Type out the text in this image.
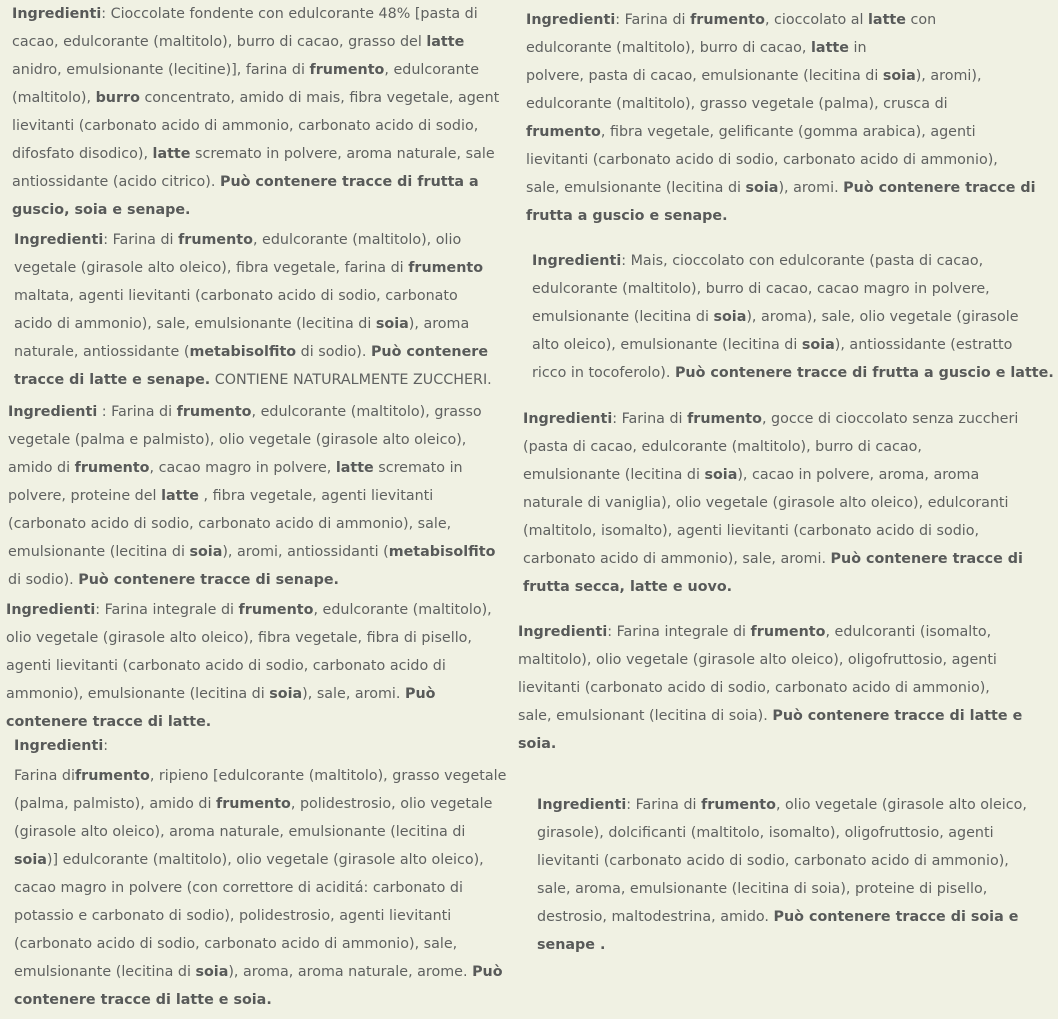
Ingredienti: Cioccolate fondente con edulcorante 48% [pasta di
cacao, edulcorante (maltitolo), burro di cacao, grasso del latte
anidro, emulsionante (lecitine)], farina di frumento, edulcorante
(maltitolo), burro concentrato, amido di mais, fibra vegetale, agent
lievitanti (carbonato acido di ammonio, carbonato acido di sodio,
difosfato disodico), latte scremato in polvere, aroma naturale, sale
antiossidante (acido citrico). Può contenere tracce di frutta a
guscio, soia e senape.
Ingredienti: Farina di frumento, edulcorante (maltitolo), olio
vegetale (girasole alto oleico), fibra vegetale, farina di frumento
maltata, agenti lievitanti (carbonato acido di sodio, carbonato
acido di ammonio), sale, emulsionante (lecitina di soia), aroma
naturale, antiossidante (metabisolfito di sodio). Può contenere
tracce di latte e senape. CONTIENE NATURALMENTE ZUCCHERI.
Ingredienti : Farina di frumento, edulcorante (maltitolo), grasso
vegetale (palma e palmisto), olio vegetale (girasole alto oleico),
amido di frumento, cacao magro in polvere, latte scremato in
polvere, proteine del latte , fibra vegetale, agenti lievitanti
(carbonato acido di sodio, carbonato acido di ammonio), sale,
emulsionante (lecitina di soia), aromi, antiossidanti (metabisolfito
di sodio). Può contenere tracce di senape.
Ingredienti: Farina integrale di frumento, edulcorante (maltitolo),
olio vegetale (girasole alto oleico), fibra vegetale, fibra di pisello,
agenti lievitanti (carbonato acido di sodio, carbonato acido di
ammonio), emulsionante (lecitina di soia), sale, aromi. Può
contenere tracce di latte.
Ingredienti:
Farina difrumento, ripieno [edulcorante (maltitolo), grasso vegetale
(palma, palmisto), amido di frumento, polidestrosio, olio vegetale
(girasole alto oleico), aroma naturale, emulsionante (lecitina di
soia)] edulcorante (maltitolo), olio vegetale (girasole alto oleico),
cacao magro in polvere (con correttore di aciditá: carbonato di
potassio e carbonato di sodio), polidestrosio, agenti lievitanti
(carbonato acido di sodio, carbonato acido di ammonio), sale,
emulsionante (lecitina di soia), aroma, aroma naturale, arome. Può
contenere tracce di latte e soia.
Ingredienti: Farina di frumento, cioccolato al latte con
edulcorante (maltitolo), burro di cacao, latte in
polvere, pasta di cacao, emulsionante (lecitina di soia), aromi),
edulcorante (maltitolo), grasso vegetale (palma), crusca di
frumento, fibra vegetale, gelificante (gomma arabica), agenti
lievitanti (carbonato acido di sodio, carbonato acido di ammonio),
sale, emulsionante (lecitina di soia), aromi. Può contenere tracce di
frutta a guscio e senape.
Ingredienti: Mais, cioccolato con edulcorante (pasta di cacao,
edulcorante (maltitolo), burro di cacao, cacao magro in polvere,
emulsionante (lecitina di soia), aroma), sale, olio vegetale (girasole
alto oleico), emulsionante (lecitina di soia), antiossidante (estratto
ricco in tocoferolo). Può contenere tracce di frutta a guscio e latte.
Ingredienti: Farina di frumento, gocce di cioccolato senza zuccheri
(pasta di cacao, edulcorante (maltitolo), burro di cacao,
emulsionante (lecitina di soia), cacao in polvere, aroma, aroma
naturale di vaniglia), olio vegetale (girasole alto oleico), edulcoranti
(maltitolo, isomalto), agenti lievitanti (carbonato acido di sodio,
carbonato acido di ammonio), sale, aromi. Può contenere tracce di
frutta secca, latte e uovo.
Ingredienti: Farina integrale di frumento, edulcoranti (isomalto,
maltitolo), olio vegetale (girasole alto oleico), oligofruttosio, agenti
lievitanti (carbonato acido di sodio, carbonato acido di ammonio),
sale, emulsionant (lecitina di soia). Può contenere tracce di latte e
soia.
Ingredienti: Farina di frumento, olio vegetale (girasole alto oleico,
girasole), dolcificanti (maltitolo, isomalto), oligofruttosio, agenti
lievitanti (carbonato acido di sodio, carbonato acido di ammonio),
sale, aroma, emulsionante (lecitina di soia), proteine di pisello,
destrosio, maltodestrina, amido. Può contenere tracce di soia e
senape .
